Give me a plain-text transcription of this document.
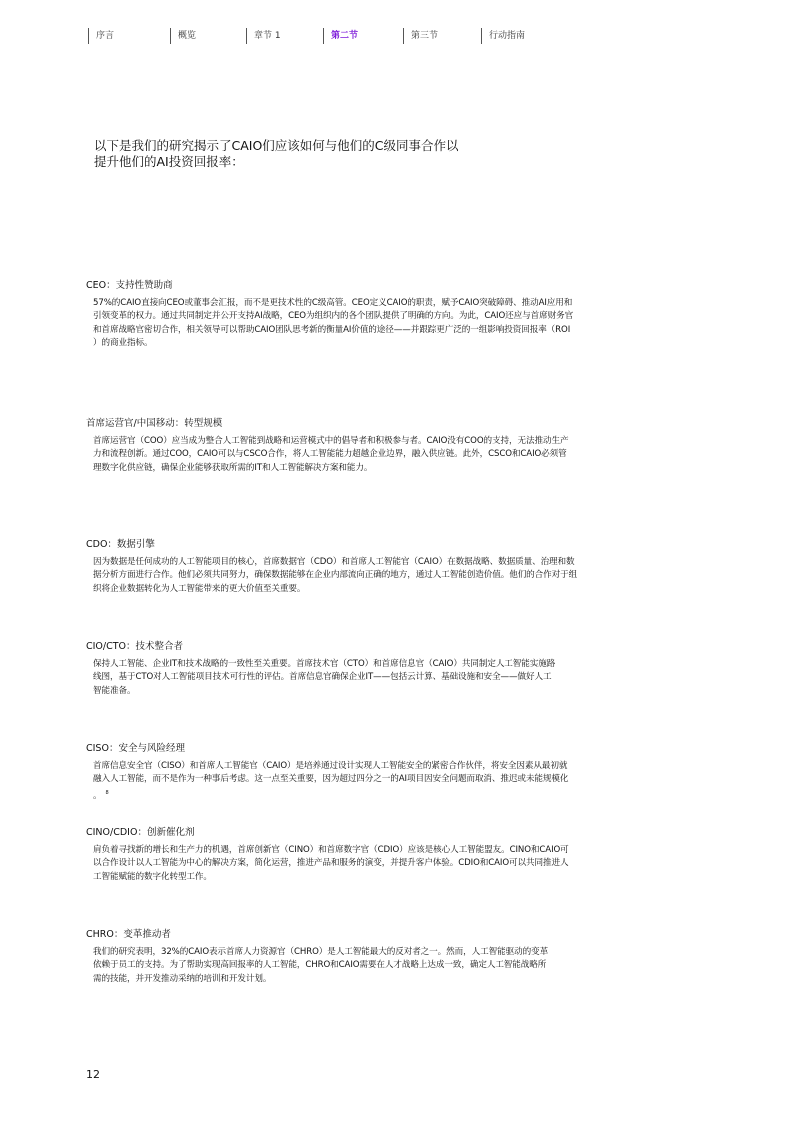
序言	概览	章节 1	第二节	第三节	行动指南
以下是我们的研究揭示了CAIO们应该如何与他们的C级同事合作以
提升他们的AI投资回报率：
CEO：支持性赞助商
57%的CAIO直接向CEO或董事会汇报，而不是更技术性的C级高管。CEO定义CAIO的职责，赋予CAIO突破障碍、推动AI应用和
引领变革的权力。通过共同制定并公开支持AI战略，CEO为组织内的各个团队提供了明确的方向。为此，CAIO还应与首席财务官
和首席战略官密切合作，相关领导可以帮助CAIO团队思考新的衡量AI价值的途径——并跟踪更广泛的一组影响投资回报率（ROI
）的商业指标。
首席运营官/中国移动：转型规模
首席运营官（COO）应当成为整合人工智能到战略和运营模式中的倡导者和积极参与者。CAIO没有COO的支持，无法推动生产
力和流程创新。通过COO，CAIO可以与CSCO合作，将人工智能能力超越企业边界，融入供应链。此外，CSCO和CAIO必须管
理数字化供应链，确保企业能够获取所需的IT和人工智能解决方案和能力。
CDO：数据引擎
因为数据是任何成功的人工智能项目的核心，首席数据官（CDO）和首席人工智能官（CAIO）在数据战略、数据质量、治理和数
据分析方面进行合作。他们必须共同努力，确保数据能够在企业内部流向正确的地方，通过人工智能创造价值。他们的合作对于组
织将企业数据转化为人工智能带来的更大价值至关重要。
CIO/CTO：技术整合者
保持人工智能、企业IT和技术战略的一致性至关重要。首席技术官（CTO）和首席信息官（CAIO）共同制定人工智能实施路
线图，基于CTO对人工智能项目技术可行性的评估。首席信息官确保企业IT——包括云计算、基础设施和安全——做好人工
智能准备。
CISO：安全与风险经理
首席信息安全官（CISO）和首席人工智能官（CAIO）是培养通过设计实现人工智能安全的紧密合作伙伴，将安全因素从最初就
融入人工智能，而不是作为一种事后考虑。这一点至关重要，因为超过四分之一的AI项目因安全问题而取消、推迟或未能规模化
。 $^8$
CINO/CDIO：创新催化剂
肩负着寻找新的增长和生产力的机遇，首席创新官（CINO）和首席数字官（CDIO）应该是核心人工智能盟友。CINO和CAIO可
以合作设计以人工智能为中心的解决方案，简化运营，推进产品和服务的演变，并提升客户体验。CDIO和CAIO可以共同推进人
工智能赋能的数字化转型工作。
CHRO：变革推动者
我们的研究表明，32%的CAIO表示首席人力资源官（CHRO）是人工智能最大的反对者之一。然而，人工智能驱动的变革
依赖于员工的支持。为了帮助实现高回报率的人工智能，CHRO和CAIO需要在人才战略上达成一致，确定人工智能战略所
需的技能，并开发推动采纳的培训和开发计划。
12
